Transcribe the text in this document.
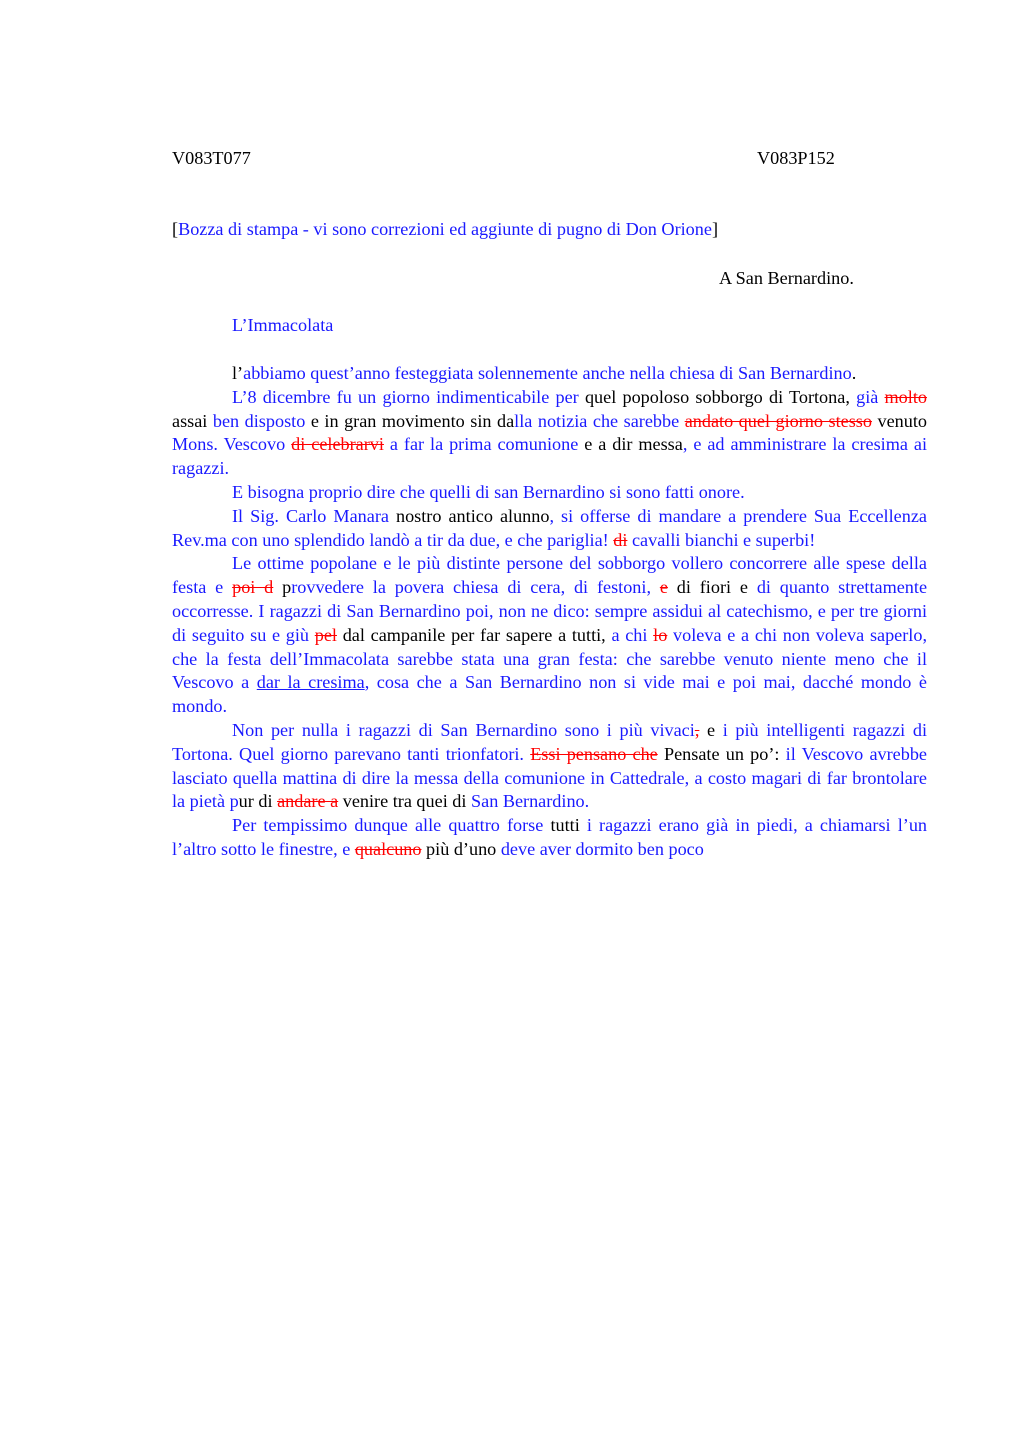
V083T077	V083P152
[Bozza di stampa - vi sono correzioni ed aggiunte di pugno di Don Orione]
A San Bernardino.
L’Immacolata

l’abbiamo quest’anno festeggiata solennemente anche nella chiesa di San Bernardino.

L’8 dicembre fu un giorno indimenticabile per quel popoloso sobborgo di Tortona, già molto assai ben disposto e in gran movimento sin dalla notizia che sarebbe andato quel giorno stesso venuto Mons. Vescovo di celebrarvi a far la prima comunione e a dir messa, e ad amministrare la cresima ai ragazzi.

E bisogna proprio dire che quelli di san Bernardino si sono fatti onore.

Il Sig. Carlo Manara nostro antico alunno, si offerse di mandare a prendere Sua Eccellenza Rev.ma con uno splendido landò a tir da due, e che pariglia! di cavalli bianchi e superbi!

Le ottime popolane e le più distinte persone del sobborgo vollero concorrere alle spese della festa e poi d provvedere la povera chiesa di cera, di festoni, e di fiori e di quanto strettamente occorresse. I ragazzi di San Bernardino poi, non ne dico: sempre assidui al catechismo, e per tre giorni di seguito su e giù pel dal campanile per far sapere a tutti, a chi lo voleva e a chi non voleva saperlo, che la festa dell’Immacolata sarebbe stata una gran festa: che sarebbe venuto niente meno che il Vescovo a dar la cresima, cosa che a San Bernardino non si vide mai e poi mai, dacché mondo è mondo.

Non per nulla i ragazzi di San Bernardino sono i più vivaci, e i più intelligenti ragazzi di Tortona. Quel giorno parevano tanti trionfatori. Essi pensano che Pensate un po’: il Vescovo avrebbe lasciato quella mattina di dire la messa della comunione in Cattedrale, a costo magari di far brontolare la pietà pur di andare a venire tra quei di San Bernardino.

Per tempissimo dunque alle quattro forse tutti i ragazzi erano già in piedi, a chiamarsi l’un l’altro sotto le finestre, e qualcuno più d’uno deve aver dormito ben poco
